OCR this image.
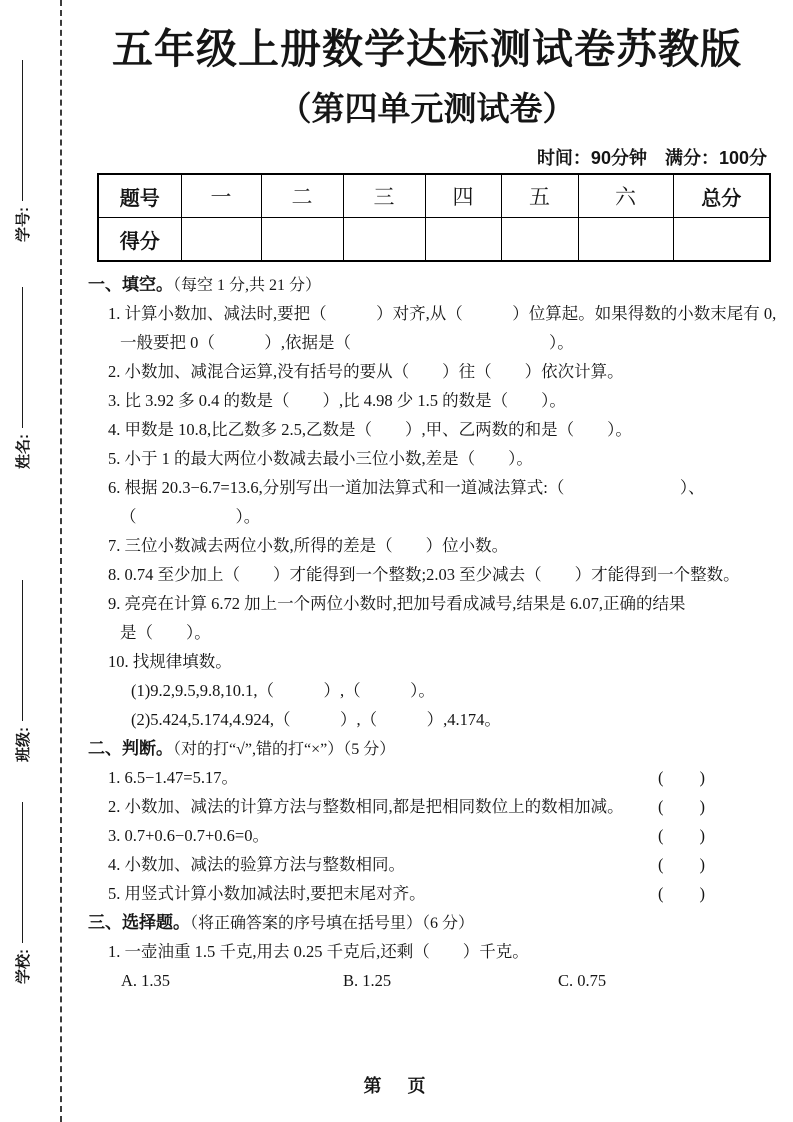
学号:
姓名:
班级:
学校:
五年级上册数学达标测试卷苏教版
（第四单元测试卷）
时间：90分钟　满分：100分
题号	一	二	三	四	五	六	总分
得分							
一、填空。（每空 1 分,共 21 分）
1. 计算小数加、减法时,要把（　　　）对齐,从（　　　）位算起。如果得数的小数末尾有 0,
一般要把 0（　　　）,依据是（　　　　　　　　　　　　）。
2. 小数加、减混合运算,没有括号的要从（　　）往（　　）依次计算。
3. 比 3.92 多 0.4 的数是（　　）,比 4.98 少 1.5 的数是（　　）。
4. 甲数是 10.8,比乙数多 2.5,乙数是（　　）,甲、乙两数的和是（　　）。
5. 小于 1 的最大两位小数减去最小三位小数,差是（　　）。
6. 根据 20.3−6.7=13.6,分别写出一道加法算式和一道减法算式:（　　　　　　　）、
（　　　　　　）。
7. 三位小数减去两位小数,所得的差是（　　）位小数。
8. 0.74 至少加上（　　）才能得到一个整数;2.03 至少减去（　　）才能得到一个整数。
9. 亮亮在计算 6.72 加上一个两位小数时,把加号看成减号,结果是 6.07,正确的结果
是（　　）。
10. 找规律填数。
(1)9.2,9.5,9.8,10.1,（　　　）,（　　　）。
(2)5.424,5.174,4.924,（　　　）,（　　　）,4.174。
二、判断。（对的打“√”,错的打“×”）（5 分）
1. 6.5−1.47=5.17。	(　　)
2. 小数加、减法的计算方法与整数相同,都是把相同数位上的数相加减。 (　　)
3. 0.7+0.6−0.7+0.6=0。	(　　)
4. 小数加、减法的验算方法与整数相同。	(　　)
5. 用竖式计算小数加减法时,要把末尾对齐。	(　　)
三、选择题。（将正确答案的序号填在括号里）（6 分）
1. 一壶油重 1.5 千克,用去 0.25 千克后,还剩（　　）千克。
A. 1.35	B. 1.25	C. 0.75
第　页
